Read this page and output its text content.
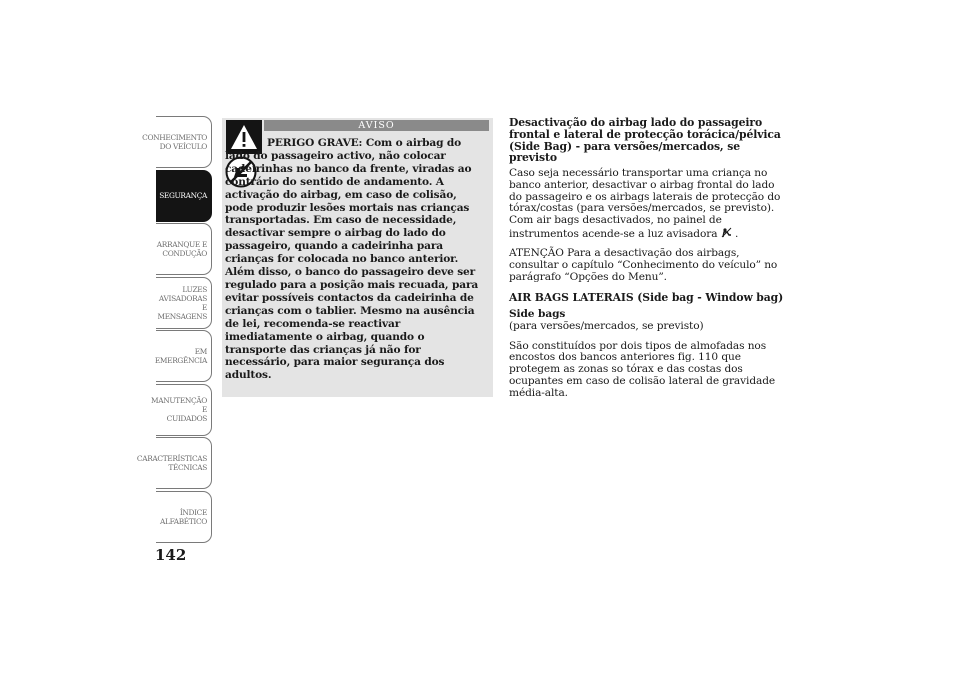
CONHECIMENTO
DO VEÍCULO
SEGURANÇA
ARRANQUE E
CONDUÇÃO
LUZES
AVISADORAS E
MENSAGENS
EM EMERGÊNCIA
MANUTENÇÃO E
CUIDADOS
CARACTERÍSTICAS
TÉCNICAS
ÍNDICE
ALFABÉTICO
142
AVISO

PERIGO GRAVE: Com o airbag do lado do passageiro activo, não colocar cadeirinhas no banco da frente, viradas ao contrário do sentido de andamento. A activação do airbag, em caso de colisão, pode produzir lesões mortais nas crianças transportadas. Em caso de necessidade, desactivar sempre o airbag do lado do passageiro, quando a cadeirinha para crianças for colocada no banco anterior. Além disso, o banco do passageiro deve ser regulado para a posição mais recuada, para evitar possíveis contactos da cadeirinha de crianças com o tablier. Mesmo na ausência de lei, recomenda-se reactivar imediatamente o airbag, quando o transporte das crianças já não for necessário, para maior segurança dos adultos.

Desactivação do airbag lado do passageiro frontal e lateral de protecção torácica/pélvica (Side Bag) - para versões/mercados, se previsto

Caso seja necessário transportar uma criança no banco anterior, desactivar o airbag frontal do lado do passageiro e os airbags laterais de protecção do tórax/costas (para versões/mercados, se previsto). Com air bags desactivados, no painel de instrumentos acende-se a luz avisadora .

ATENÇÃO Para a desactivação dos airbags, consultar o capítulo “Conhecimento do veículo” no parágrafo “Opções do Menu”.

AIR BAGS LATERAIS (Side bag - Window bag)

Side bags

(para versões/mercados, se previsto)

São constituídos por dois tipos de almofadas nos encostos dos bancos anteriores fig. 110 que protegem as zonas so tórax e das costas dos ocupantes em caso de colisão lateral de gravidade média-alta.
